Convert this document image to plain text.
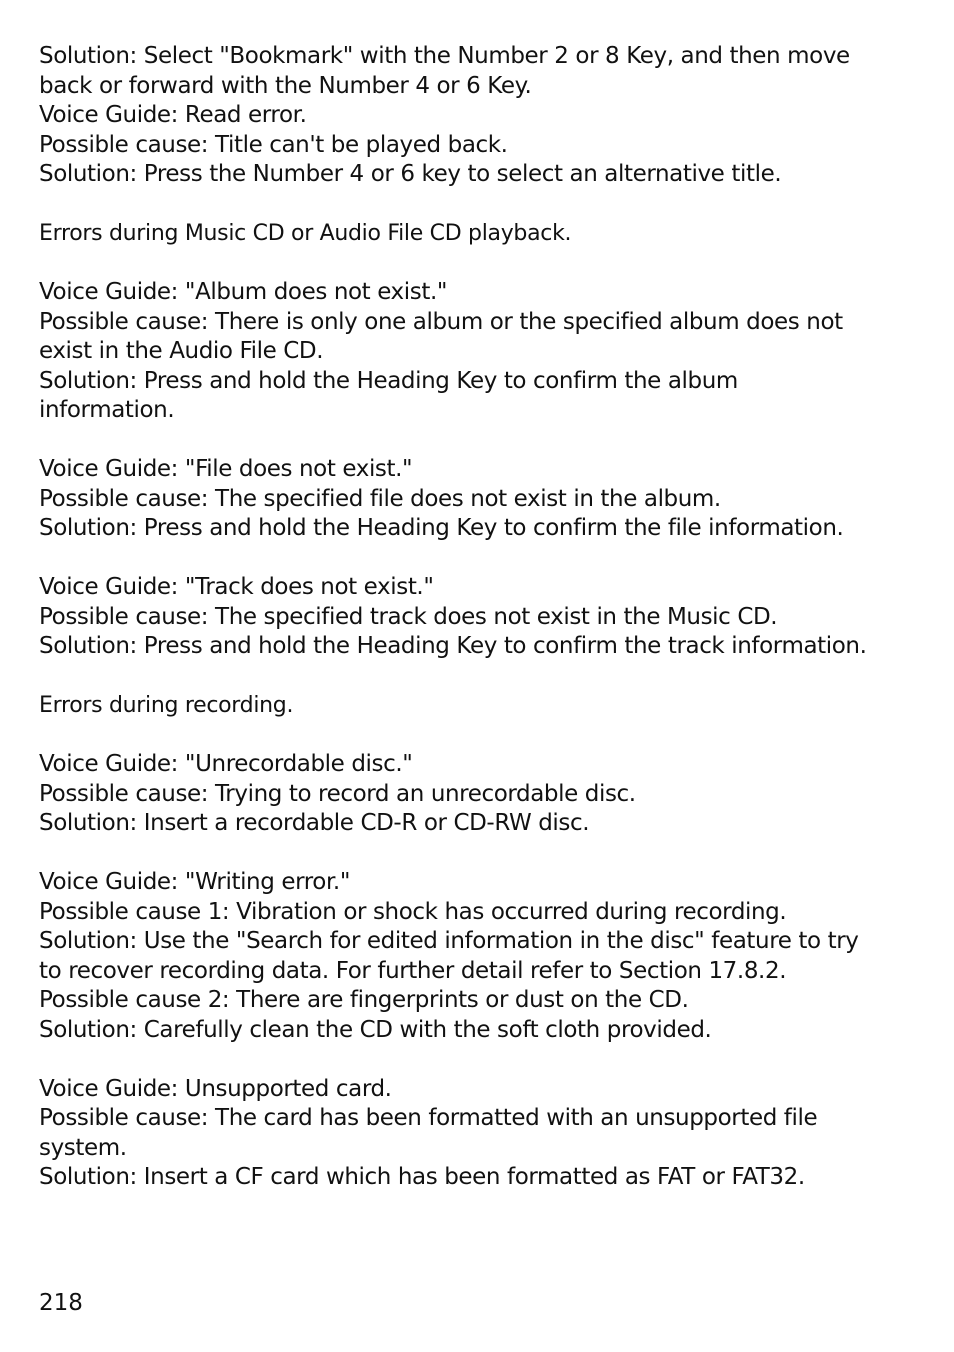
Solution: Select "Bookmark" with the Number 2 or 8 Key, and then move
back or forward with the Number 4 or 6 Key.
Voice Guide: Read error.
Possible cause: Title can't be played back.
Solution: Press the Number 4 or 6 key to select an alternative title.
Errors during Music CD or Audio File CD playback.
Voice Guide: "Album does not exist."
Possible cause: There is only one album or the specified album does not
exist in the Audio File CD.
Solution: Press and hold the Heading Key to confirm the album
information.
Voice Guide: "File does not exist."
Possible cause: The specified file does not exist in the album.
Solution: Press and hold the Heading Key to confirm the file information.
Voice Guide: "Track does not exist."
Possible cause: The specified track does not exist in the Music CD.
Solution: Press and hold the Heading Key to confirm the track information.
Errors during recording.
Voice Guide: "Unrecordable disc."
Possible cause: Trying to record an unrecordable disc.
Solution: Insert a recordable CD-R or CD-RW disc.
Voice Guide: "Writing error."
Possible cause 1: Vibration or shock has occurred during recording.
Solution: Use the "Search for edited information in the disc" feature to try
to recover recording data. For further detail refer to Section 17.8.2.
Possible cause 2: There are fingerprints or dust on the CD.
Solution: Carefully clean the CD with the soft cloth provided.
Voice Guide: Unsupported card.
Possible cause: The card has been formatted with an unsupported file
system.
Solution: Insert a CF card which has been formatted as FAT or FAT32.
218
